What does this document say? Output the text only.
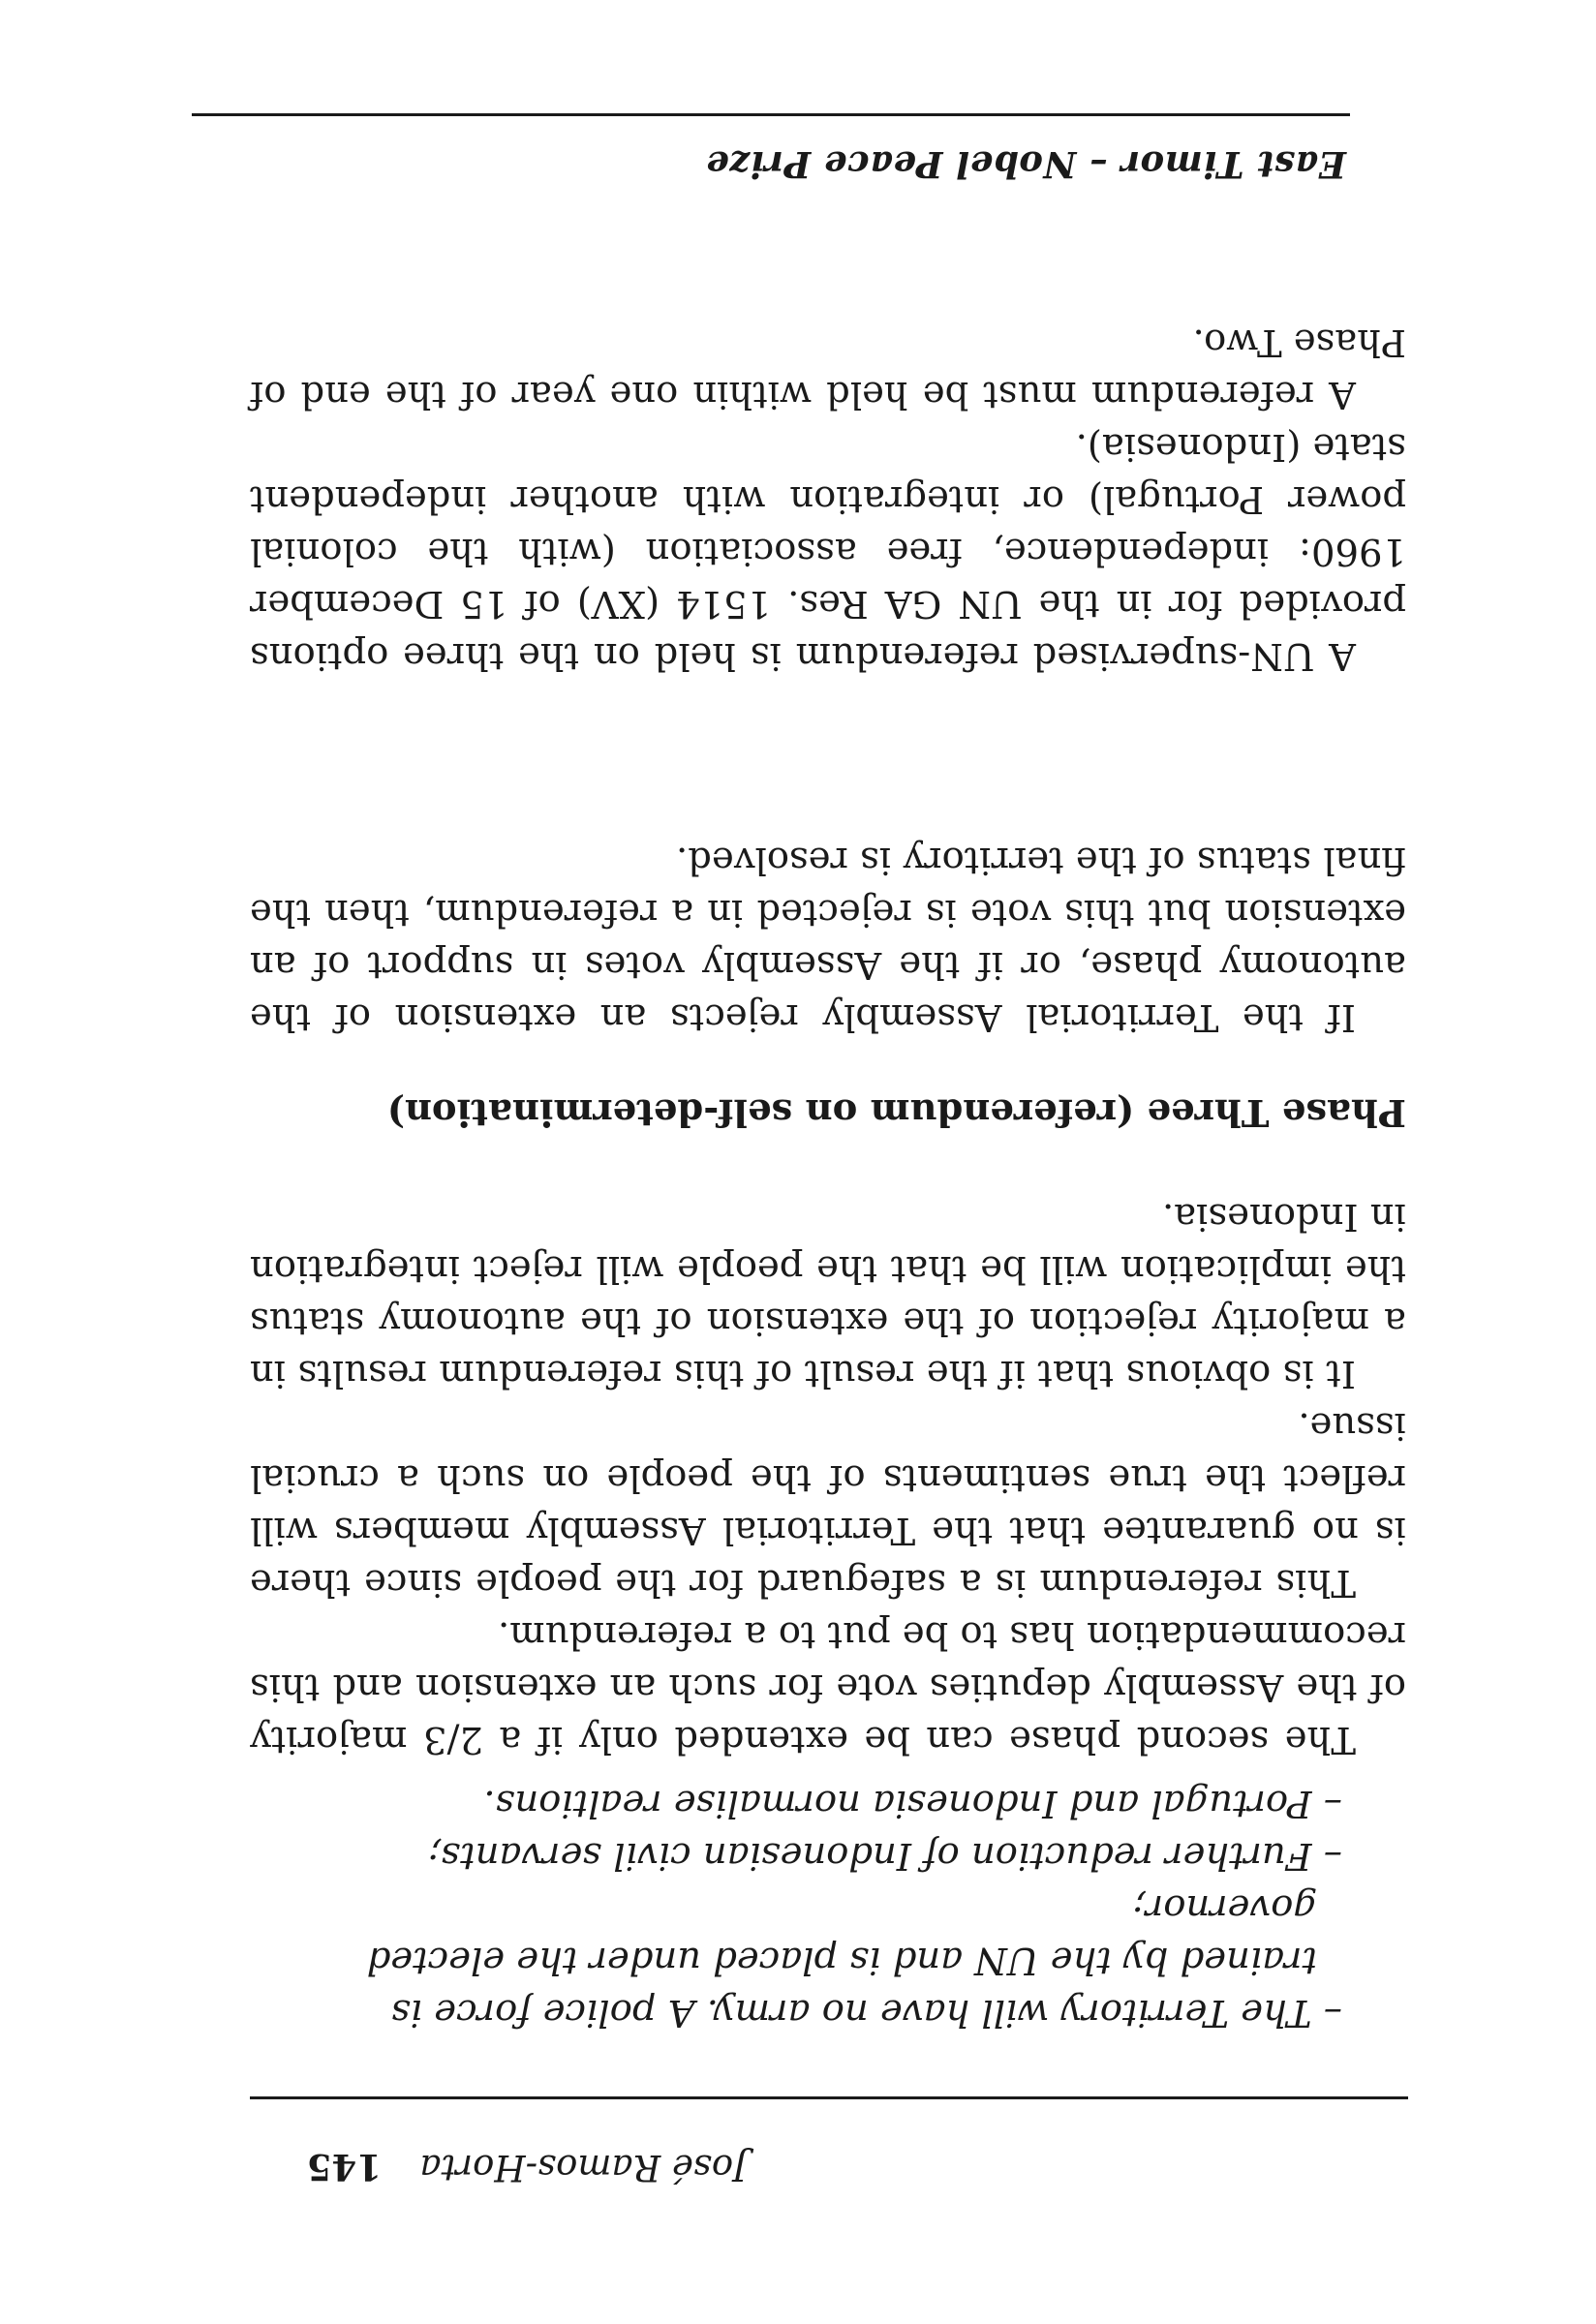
José Ramos-Horta
145

A UN-supervised referendum is held on the three options provided for in the UN GA Res. 1514 (XV) of 15 December 1960: independence, free association (with the colonial power Portugal) or integration with another independent state (Indonesia).

A referendum must be held within one year of the end of Phase Two.

East Timor – Nobel Peace Prize
– The Territory will have no army. A police force is trained by the UN and is placed under the elected governor;
– Further reduction of Indonesian civil servants;
– Portugal and Indonesia normalise realtions.

The second phase can be extended only if a 2/3 majority of the Assembly deputies vote for such an extension and this recommendation has to be put to a referendum.

This referendum is a safeguard for the people since there is no guarantee that the Territorial Assembly members will reflect the true sentiments of the people on such a crucial issue.

It is obvious that if the result of this referendum results in a majority rejection of the extension of the autonomy status the implication will be that the people will reject integration in Indonesia.

Phase Three (referendum on self-determination)

If the Territorial Assembly rejects an extension of the autonomy phase, or if the Assembly votes in support of an extension but this vote is rejected in a referendum, then the final status of the territory is resolved.
